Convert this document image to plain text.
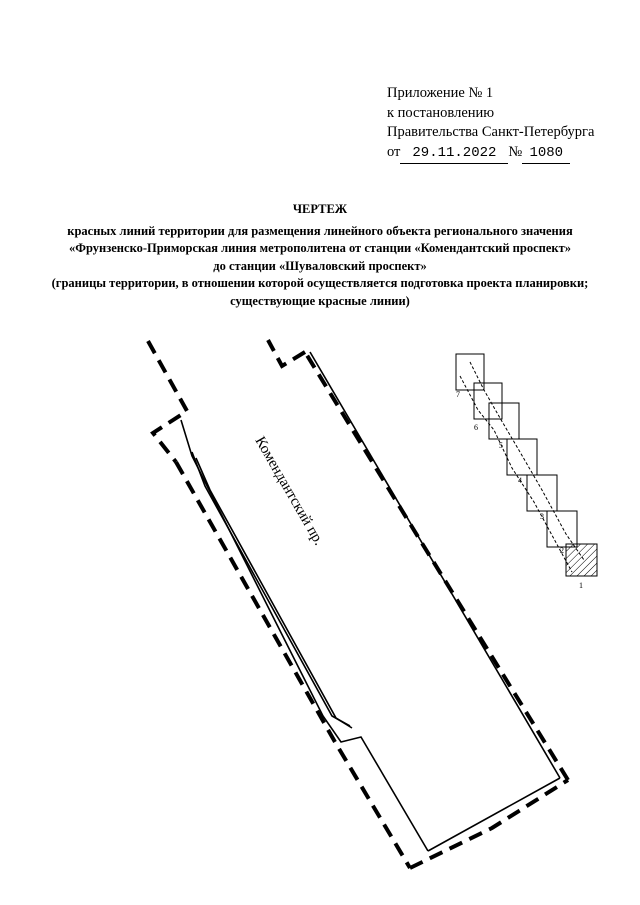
Приложение № 1
к постановлению
Правительства Санкт-Петербурга
от 29.11.2022 № 1080
ЧЕРТЕЖ
красных линий территории для размещения линейного объекта регионального значения
«Фрунзенско-Приморская линия метрополитена от станции «Комендантский проспект»
до станции «Шуваловский проспект»
(границы территории, в отношении которой осуществляется подготовка проекта планировки;
существующие красные линии)
Комендантский пр.
7
6
5
4
3
2
1
